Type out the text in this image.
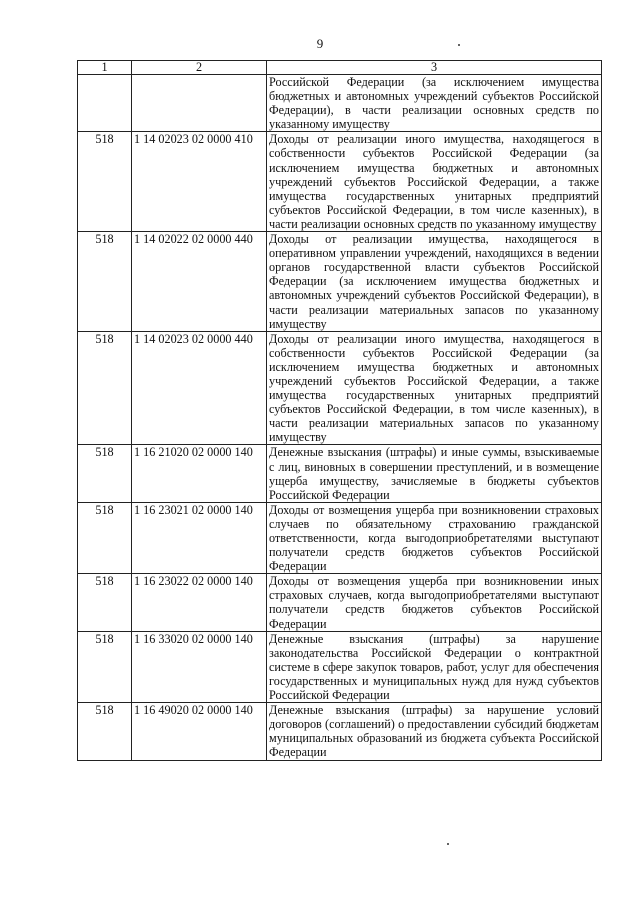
9
1	2	3
		Российской Федерации (за исключением имущества бюджетных и автономных учреждений субъектов Российской Федерации), в части реализации основных средств по указанному имуществу
518	1 14 02023 02 0000 410	Доходы от реализации иного имущества, находящегося в собственности субъектов Российской Федерации (за исключением имущества бюджетных и автономных учреждений субъектов Российской Федерации, а также имущества государственных унитарных предприятий субъектов Российской Федерации, в том числе казенных), в части реализации основных средств по указанному имуществу
518	1 14 02022 02 0000 440	Доходы от реализации имущества, находящегося в оперативном управлении учреждений, находящихся в ведении органов государственной власти субъектов Российской Федерации (за исключением имущества бюджетных и автономных учреждений субъектов Российской Федерации), в части реализации материальных запасов по указанному имуществу
518	1 14 02023 02 0000 440	Доходы от реализации иного имущества, находящегося в собственности субъектов Российской Федерации (за исключением имущества бюджетных и автономных учреждений субъектов Российской Федерации, а также имущества государственных унитарных предприятий субъектов Российской Федерации, в том числе казенных), в части реализации материальных запасов по указанному имуществу
518	1 16 21020 02 0000 140	Денежные взыскания (штрафы) и иные суммы, взыскиваемые с лиц, виновных в совершении преступлений, и в возмещение ущерба имуществу, зачисляемые в бюджеты субъектов Российской Федерации
518	1 16 23021 02 0000 140	Доходы от возмещения ущерба при возникновении страховых случаев по обязательному страхованию гражданской ответственности, когда выгодоприобретателями выступают получатели средств бюджетов субъектов Российской Федерации
518	1 16 23022 02 0000 140	Доходы от возмещения ущерба при возникновении иных страховых случаев, когда выгодоприобретателями выступают получатели средств бюджетов субъектов Российской Федерации
518	1 16 33020 02 0000 140	Денежные взыскания (штрафы) за нарушение законодательства Российской Федерации о контрактной системе в сфере закупок товаров, работ, услуг для обеспечения государственных и муниципальных нужд для нужд субъектов Российской Федерации
518	1 16 49020 02 0000 140	Денежные взыскания (штрафы) за нарушение условий договоров (соглашений) о предоставлении субсидий бюджетам муниципальных образований из бюджета субъекта Российской Федерации
